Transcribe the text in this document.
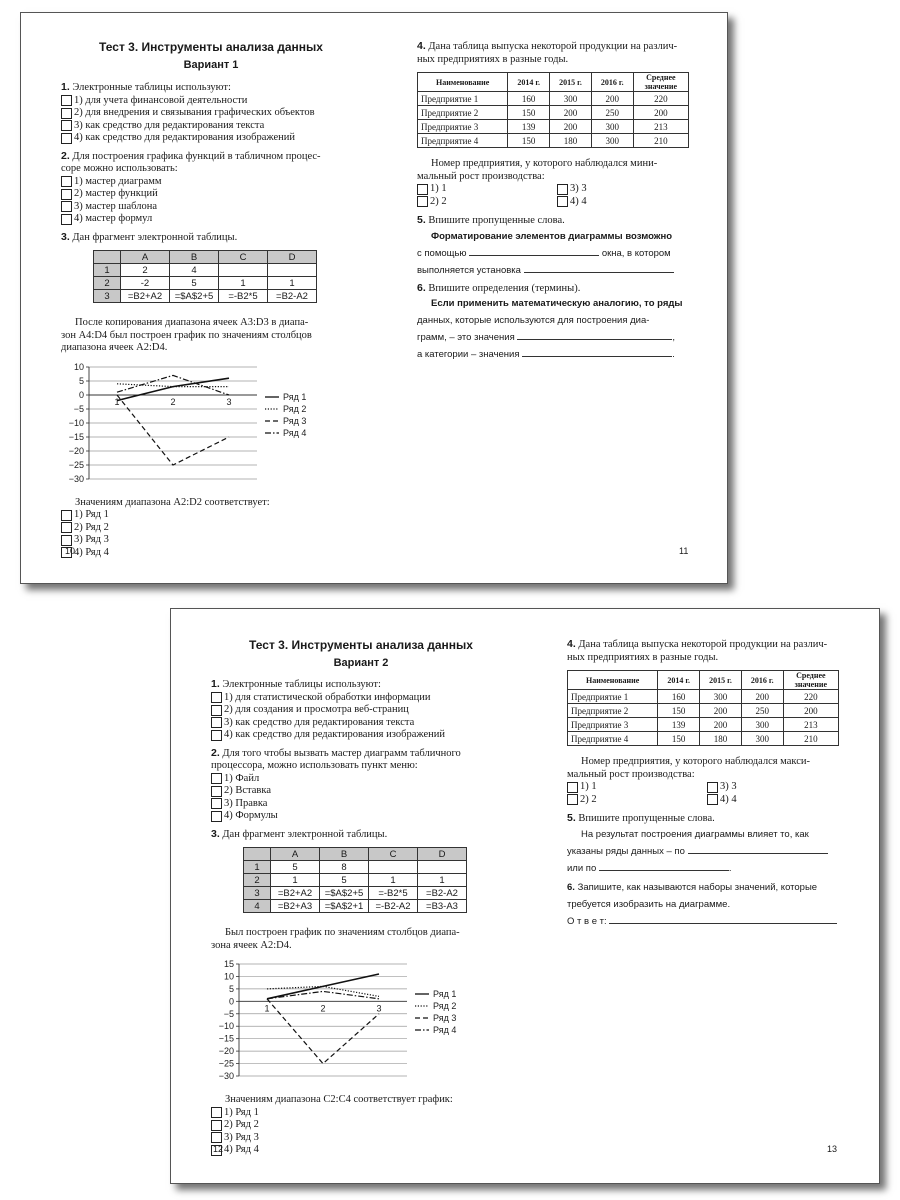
Тест 3. Инструменты анализа данных

Вариант 1

1. Электронные таблицы используют:

1) для учета финансовой деятельности
2) для внедрения и связывания графических объектов
3) как средство для редактирования текста
4) как средство для редактирования изображений

2. Для построения графика функций в табличном процес-
соре можно использовать:

1) мастер диаграмм
2) мастер функций
3) мастер шаблона
4) мастер формул

3. Дан фрагмент электронной таблицы.

	A	B	C	D
1	2	4		
2	-2	5	1	1
3	=B2+A2	=$A$2+5	=-B2*5	=B2-A2

После копирования диапазона ячеек A3:D3 в диапа-
зон A4:D4 был построен график по значениям столбцов
диапазона ячеек A2:D4.

10
5
0
−5
−10
−15
−20
−25
−30
1	2	3	Ряд 1
Ряд 2
Ряд 3
Ряд 4

Значениям диапазона A2:D2 соответствует:

1) Ряд 1
2) Ряд 2
3) Ряд 3
4) Ряд 4
10

4. Дана таблица выпуска некоторой продукции на различ-
ных предприятиях в разные годы.

Наименование	2014 г.	2015 г.	2016 г.	Среднее
значение
Предприятие 1	160	300	200	220
Предприятие 2	150	200	250	200
Предприятие 3	139	200	300	213
Предприятие 4	150	180	300	210

Номер предприятия, у которого наблюдался мини-
мальный рост производства:

1) 1
2) 2
3) 3
4) 4

5. Впишите пропущенные слова.

Форматирование элементов диаграммы возможно

с помощью	окна, в котором

выполняется установка

6. Впишите определения (термины).

Если применить математическую аналогию, то ряды

данных, которые используются для построения диа-

грамм, – это значения	,

а категории – значения	.

11

Тест 3. Инструменты анализа данных

Вариант 2

1. Электронные таблицы используют:

1) для статистической обработки информации
2) для создания и просмотра веб-страниц
3) как средство для редактирования текста
4) как средство для редактирования изображений

2. Для того чтобы вызвать мастер диаграмм табличного
процессора, можно использовать пункт меню:

1) Файл
2) Вставка
3) Правка
4) Формулы

3. Дан фрагмент электронной таблицы.

	A	B	C	D
1	5	8		
2	1	5	1	1
3	=B2+A2	=$A$2+5	=-B2*5	=B2-A2
4	=B2+A3	=$A$2+1	=-B2-A2	=B3-A3

Был построен график по значениям столбцов диапа-
зона ячеек A2:D4.

15
10
5
0
−5
−10
−15
−20
−25
−30
1	2	3
Ряд 1
Ряд 2
Ряд 3
Ряд 4

Значениям диапазона C2:C4 соответствует график:

1) Ряд 1
2) Ряд 2
3) Ряд 3
4) Ряд 4
12

4. Дана таблица выпуска некоторой продукции на различ-
ных предприятиях в разные годы.

Наименование	2014 г.	2015 г.	2016 г.	Среднее
значение
Предприятие 1	160	300	200	220
Предприятие 2	150	200	250	200
Предприятие 3	139	200	300	213
Предприятие 4	150	180	300	210

Номер предприятия, у которого наблюдался макси-
мальный рост производства:

1) 1
2) 2
3) 3
4) 4

5. Впишите пропущенные слова.

На результат построения диаграммы влияет то, как

указаны ряды данных – по

или по	.

6. Запишите, как называются наборы значений, которые

требуется изобразить на диаграмме.

О т в е т:

13
